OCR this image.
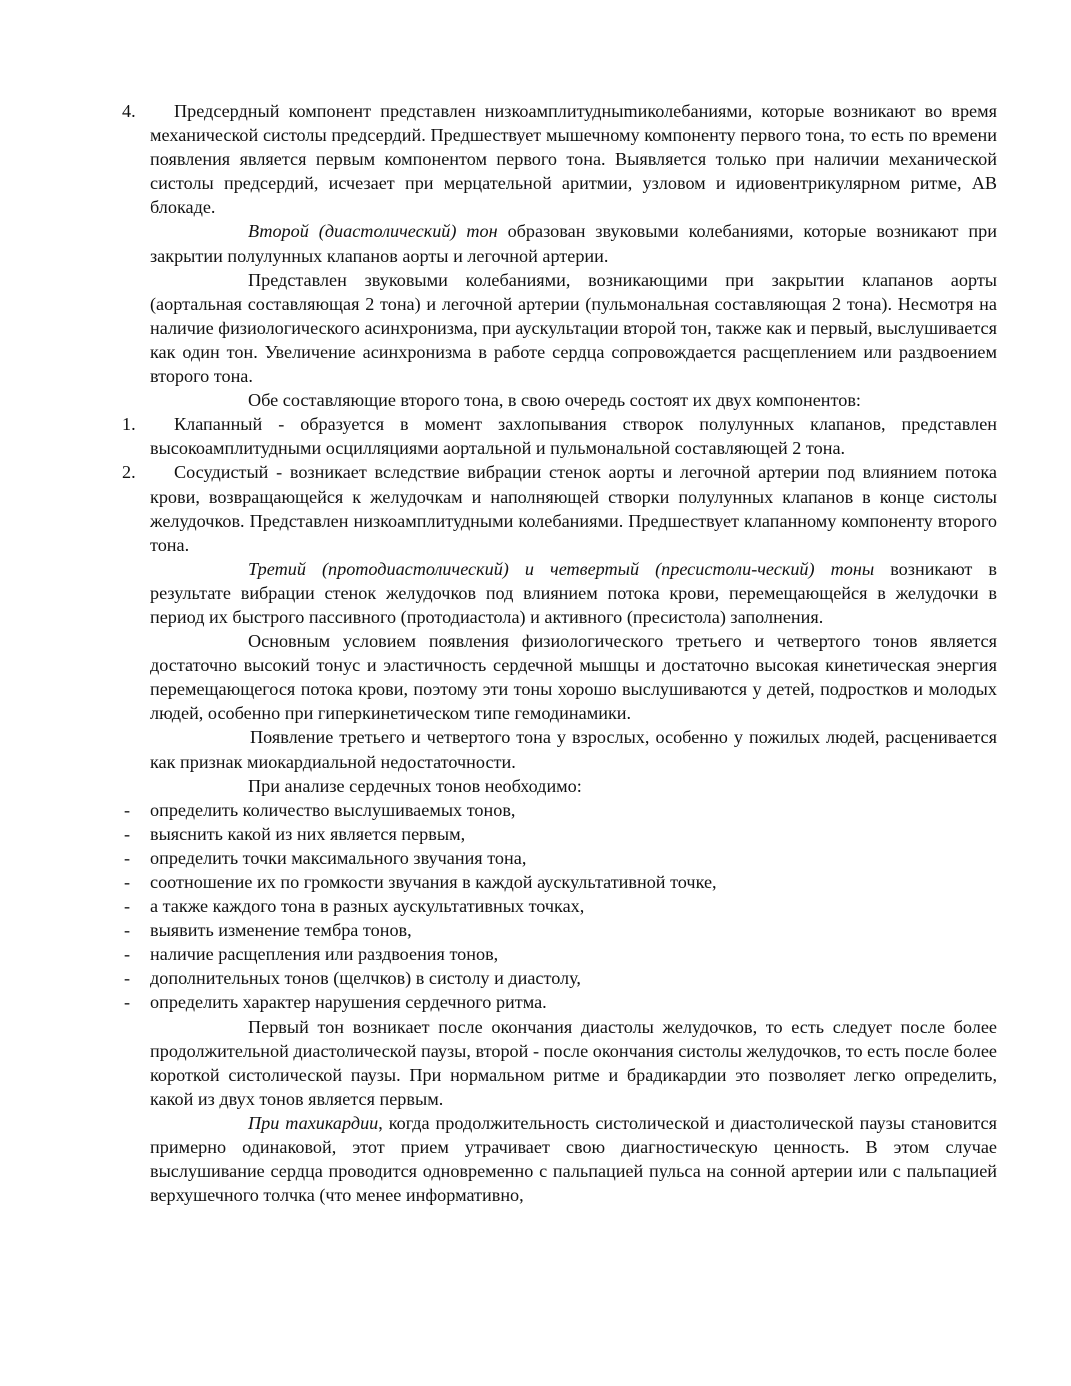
4. Предсердный компонент представлен низкоамплитудныmиколебаниями, которые возникают во время механической систолы предсердий. Предшествует мышечному компоненту первого тона, то есть по времени появления является первым компонентом первого тона. Выявляется только при наличии механической систолы предсердий, исчезает при мерцательной аритмии, узловом и идиовентрикулярном ритме, АВ блокаде.
Второй (диастолический) тон образован звуковыми колебаниями, которые возникают при закрытии полулунных клапанов аорты и легочной артерии.
Представлен звуковыми колебаниями, возникающими при закрытии клапанов аорты (аортальная составляющая 2 тона) и легочной артерии (пульмональная составляющая 2 тона). Несмотря на наличие физиологического асинхронизма, при аускультации второй тон, также как и первый, выслушивается как один тон. Увеличение асинхронизма в работе сердца сопровождается расщеплением или раздвоением второго тона.
Обе составляющие второго тона, в свою очередь состоят их двух компонентов:
1. Клапанный - образуется в момент захлопывания створок полулунных клапанов, представлен высокоамплитудными осцилляциями аортальной и пульмональной составляющей 2 тона.
2. Сосудистый - возникает вследствие вибрации стенок аорты и легочной артерии под влиянием потока крови, возвращающейся к желудочкам и наполняющей створки полулунных клапанов в конце систолы желудочков. Представлен низкоамплитудными колебаниями. Предшествует клапанному компоненту второго тона.
Третий (протодиастолический) и четвертый (пресистоли-ческий) тоны возникают в результате вибрации стенок желудочков под влиянием потока крови, перемещающейся в желудочки в период их быстрого пассивного (протодиастола) и активного (пресистола) заполнения.
Основным условием появления физиологического третьего и четвертого тонов является достаточно высокий тонус и эластичность сердечной мышцы и достаточно высокая кинетическая энергия перемещающегося потока крови, поэтому эти тоны хорошо выслушиваются у детей, подростков и молодых людей, особенно при гиперкинетическом типе гемодинамики.
Появление третьего и четвертого тона у взрослых, особенно у пожилых людей, расценивается как признак миокардиальной недостаточности.
При анализе сердечных тонов необходимо:
- определить количество выслушиваемых тонов,
- выяснить какой из них является первым,
- определить точки максимального звучания тона,
- соотношение их по громкости звучания в каждой аускультативной точке,
- а также каждого тона в разных аускультативных точках,
- выявить изменение тембра тонов,
- наличие расщепления или раздвоения тонов,
- дополнительных тонов (щелчков) в систолу и диастолу,
- определить характер нарушения сердечного ритма.
Первый тон возникает после окончания диастолы желудочков, то есть следует после более продолжительной диастолической паузы, второй - после окончания систолы желудочков, то есть после более короткой систолической паузы. При нормальном ритме и брадикардии это позволяет легко определить, какой из двух тонов является первым.
При тахикардии, когда продолжительность систолической и диастолической паузы становится примерно одинаковой, этот прием утрачивает свою диагностическую ценность. В этом случае выслушивание сердца проводится одновременно с пальпацией пульса на сонной артерии или с пальпацией верхушечного толчка (что менее информативно,
